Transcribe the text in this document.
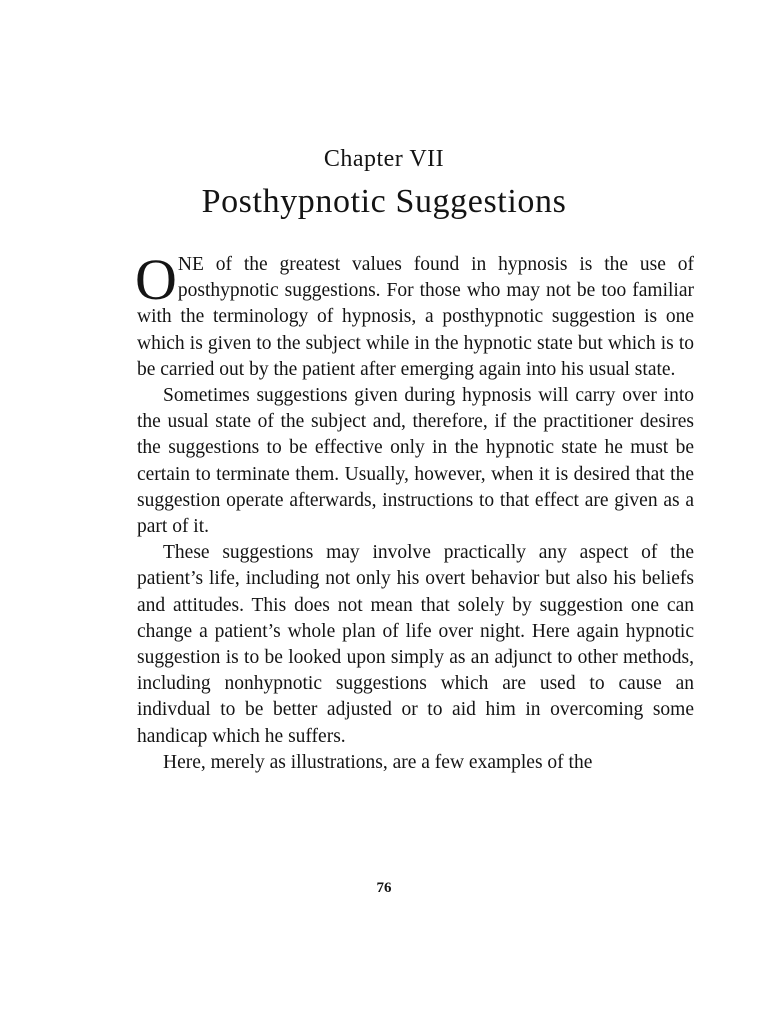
Chapter VII
Posthypnotic Suggestions

ONE of the greatest values found in hypnosis is the use of posthypnotic suggestions. For those who may not be too familiar with the terminology of hypnosis, a posthypnotic suggestion is one which is given to the subject while in the hypnotic state but which is to be carried out by the patient after emerging again into his usual state.

Sometimes suggestions given during hypnosis will carry over into the usual state of the subject and, therefore, if the practitioner desires the suggestions to be effective only in the hypnotic state he must be certain to terminate them. Usually, however, when it is desired that the suggestion operate afterwards, instructions to that effect are given as a part of it.

These suggestions may involve practically any aspect of the patient’s life, including not only his overt behavior but also his beliefs and attitudes. This does not mean that solely by suggestion one can change a patient’s whole plan of life over night. Here again hypnotic suggestion is to be looked upon simply as an adjunct to other methods, including nonhypnotic suggestions which are used to cause an indivdual to be better adjusted or to aid him in overcoming some handicap which he suffers.

Here, merely as illustrations, are a few examples of the

76
